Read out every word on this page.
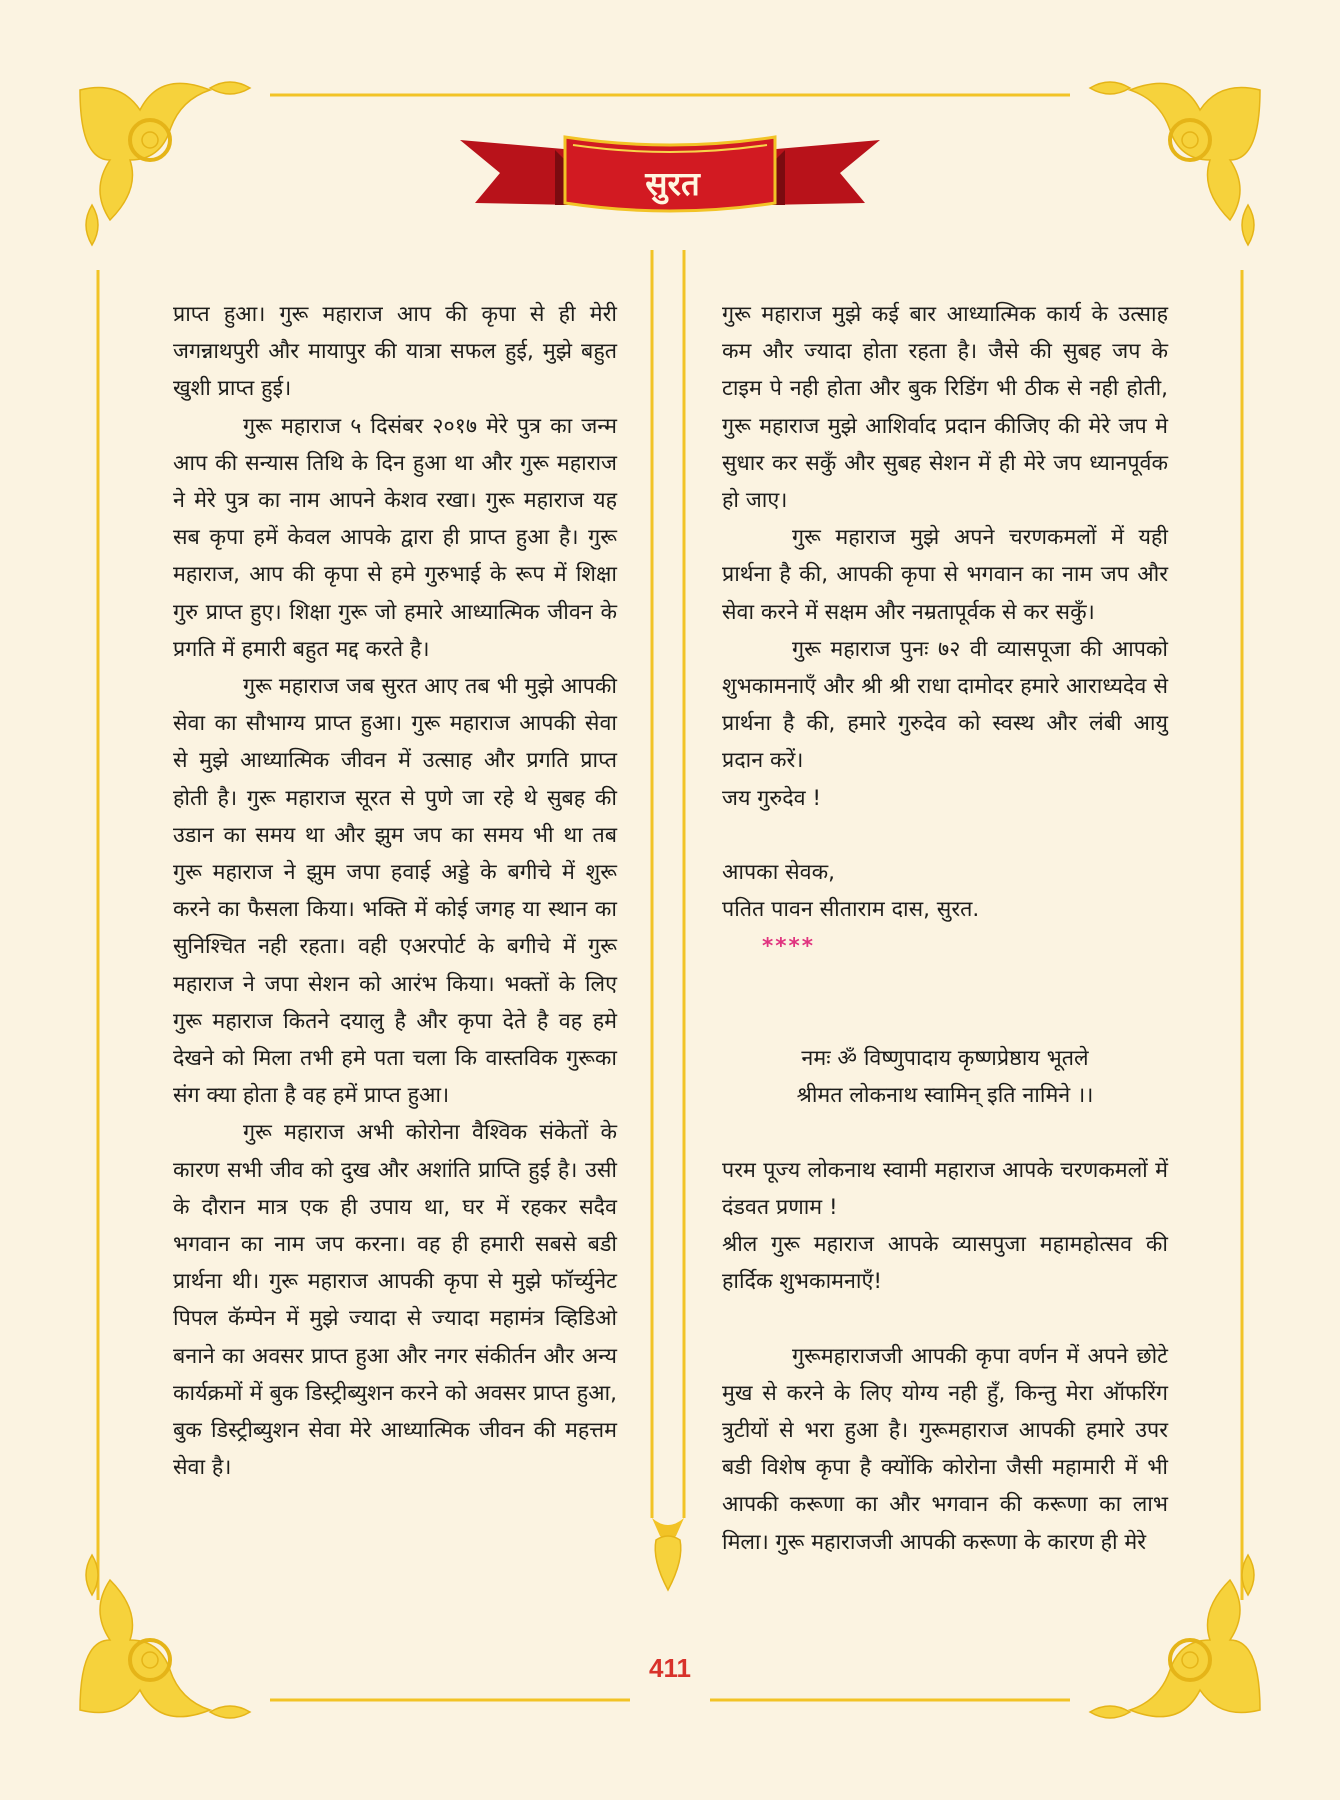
सुरत

प्राप्त हुआ। गुरू महाराज आप की कृपा से ही मेरी जगन्नाथपुरी और मायापुर की यात्रा सफल हुई, मुझे बहुत खुशी प्राप्त हुई।

गुरू महाराज ५ दिसंबर २०१७ मेरे पुत्र का जन्म आप की सन्यास तिथि के दिन हुआ था और गुरू महाराज ने मेरे पुत्र का नाम आपने केशव रखा। गुरू महाराज यह सब कृपा हमें केवल आपके द्वारा ही प्राप्त हुआ है। गुरू महाराज, आप की कृपा से हमे गुरुभाई के रूप में शिक्षा गुरु प्राप्त हुए। शिक्षा गुरू जो हमारे आध्यात्मिक जीवन के प्रगति में हमारी बहुत मद्द करते है।

गुरू महाराज जब सुरत आए तब भी मुझे आपकी सेवा का सौभाग्य प्राप्त हुआ। गुरू महाराज आपकी सेवा से मुझे आध्यात्मिक जीवन में उत्साह और प्रगति प्राप्त होती है। गुरू महाराज सूरत से पुणे जा रहे थे सुबह की उडान का समय था और झुम जप का समय भी था तब गुरू महाराज ने झुम जपा हवाई अड्डे के बगीचे में शुरू करने का फैसला किया। भक्ति में कोई जगह या स्थान का सुनिश्चित नही रहता। वही एअरपोर्ट के बगीचे में गुरू महाराज ने जपा सेशन को आरंभ किया। भक्तों के लिए गुरू महाराज कितने दयालु है और कृपा देते है वह हमे देखने को मिला तभी हमे पता चला कि वास्तविक गुरूका संग क्या होता है वह हमें प्राप्त हुआ।

गुरू महाराज अभी कोरोना वैश्विक संकेतों के कारण सभी जीव को दुख और अशांति प्राप्ति हुई है। उसी के दौरान मात्र एक ही उपाय था, घर में रहकर सदैव भगवान का नाम जप करना। वह ही हमारी सबसे बडी प्रार्थना थी। गुरू महाराज आपकी कृपा से मुझे फॉर्च्युनेट पिपल कॅम्पेन में मुझे ज्यादा से ज्यादा महामंत्र व्हिडिओ बनाने का अवसर प्राप्त हुआ और नगर संकीर्तन और अन्य कार्यक्रमों में बुक डिस्ट्रीब्युशन करने को अवसर प्राप्त हुआ, बुक डिस्ट्रीब्युशन सेवा मेरे आध्यात्मिक जीवन की महत्तम सेवा है।

गुरू महाराज मुझे कई बार आध्यात्मिक कार्य के उत्साह कम और ज्यादा होता रहता है। जैसे की सुबह जप के टाइम पे नही होता और बुक रिडिंग भी ठीक से नही होती, गुरू महाराज मुझे आशिर्वाद प्रदान कीजिए की मेरे जप मे सुधार कर सकुँ और सुबह सेशन में ही मेरे जप ध्यानपूर्वक हो जाए।

गुरू महाराज मुझे अपने चरणकमलों में यही प्रार्थना है की, आपकी कृपा से भगवान का नाम जप और सेवा करने में सक्षम और नम्रतापूर्वक से कर सकुँ।

गुरू महाराज पुनः ७२ वी व्यासपूजा की आपको शुभकामनाएँ और श्री श्री राधा दामोदर हमारे आराध्यदेव से प्रार्थना है की, हमारे गुरुदेव को स्वस्थ और लंबी आयु प्रदान करें।

जय गुरुदेव !

आपका सेवक,

पतित पावन सीताराम दास, सुरत.

****

नमः ॐ विष्णुपादाय कृष्णप्रेष्ठाय भूतले

श्रीमत लोकनाथ स्वामिन् इति नामिने ।।

परम पूज्य लोकनाथ स्वामी महाराज आपके चरणकमलों में दंडवत प्रणाम !

श्रील गुरू महाराज आपके व्यासपुजा महामहोत्सव की हार्दिक शुभकामनाएँ!

गुरूमहाराजजी आपकी कृपा वर्णन में अपने छोटे मुख से करने के लिए योग्य नही हुँ, किन्तु मेरा ऑफरिंग त्रुटीयों से भरा हुआ है। गुरूमहाराज आपकी हमारे उपर बडी विशेष कृपा है क्योंकि कोरोना जैसी महामारी में भी आपकी करूणा का और भगवान की करूणा का लाभ मिला। गुरू महाराजजी आपकी करूणा के कारण ही मेरे

411
